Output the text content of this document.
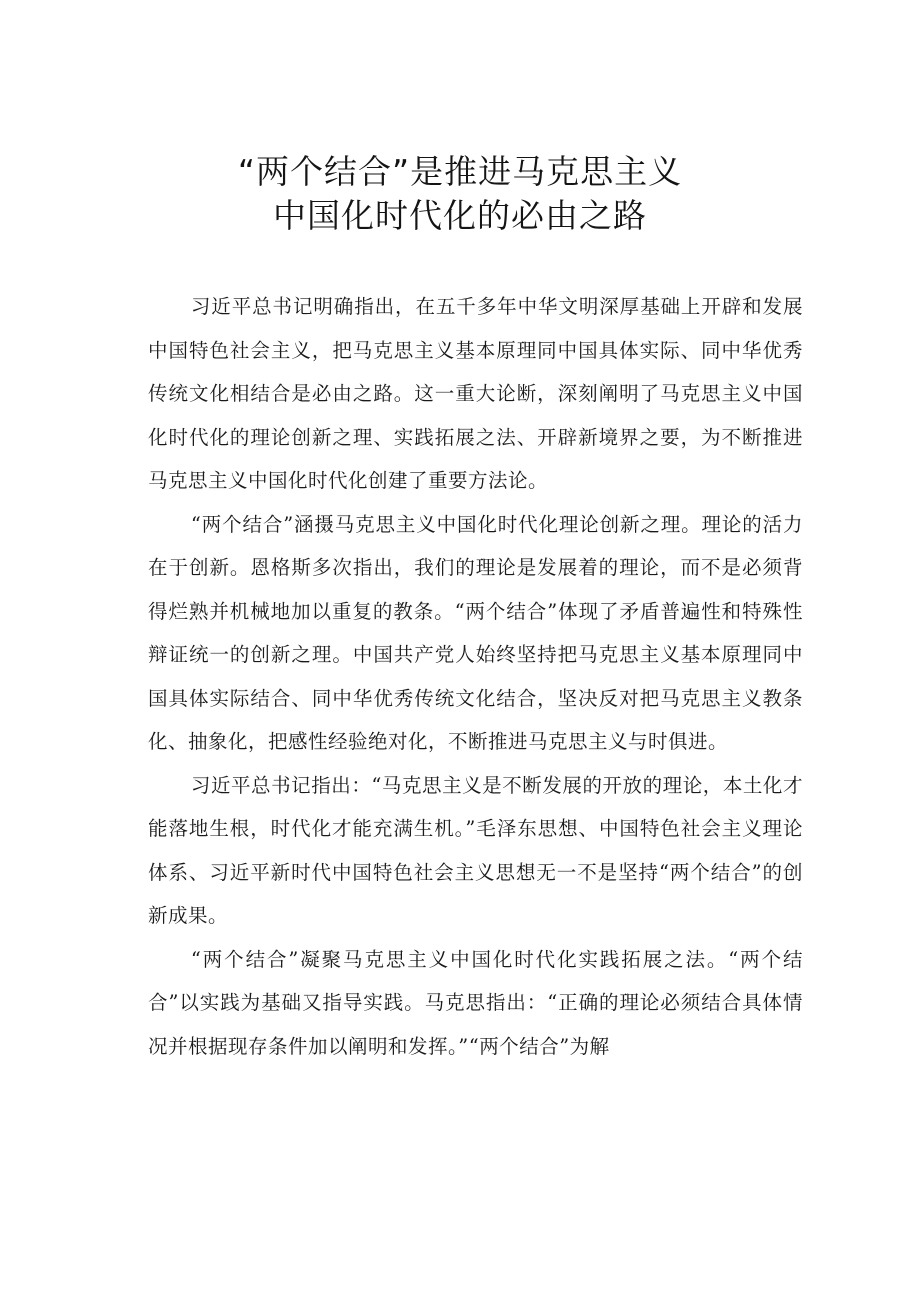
“两个结合”是推进马克思主义
中国化时代化的必由之路

习近平总书记明确指出，在五千多年中华文明深厚基础上开辟和发展中国特色社会主义，把马克思主义基本原理同中国具体实际、同中华优秀传统文化相结合是必由之路。这一重大论断，深刻阐明了马克思主义中国化时代化的理论创新之理、实践拓展之法、开辟新境界之要，为不断推进马克思主义中国化时代化创建了重要方法论。

“两个结合”涵摄马克思主义中国化时代化理论创新之理。理论的活力在于创新。恩格斯多次指出，我们的理论是发展着的理论，而不是必须背得烂熟并机械地加以重复的教条。“两个结合”体现了矛盾普遍性和特殊性辩证统一的创新之理。中国共产党人始终坚持把马克思主义基本原理同中国具体实际结合、同中华优秀传统文化结合，坚决反对把马克思主义教条化、抽象化，把感性经验绝对化，不断推进马克思主义与时俱进。

习近平总书记指出：“马克思主义是不断发展的开放的理论，本土化才能落地生根，时代化才能充满生机。”毛泽东思想、中国特色社会主义理论体系、习近平新时代中国特色社会主义思想无一不是坚持“两个结合”的创新成果。

“两个结合”凝聚马克思主义中国化时代化实践拓展之法。“两个结合”以实践为基础又指导实践。马克思指出：“正确的理论必须结合具体情况并根据现存条件加以阐明和发挥。”“两个结合”为解
